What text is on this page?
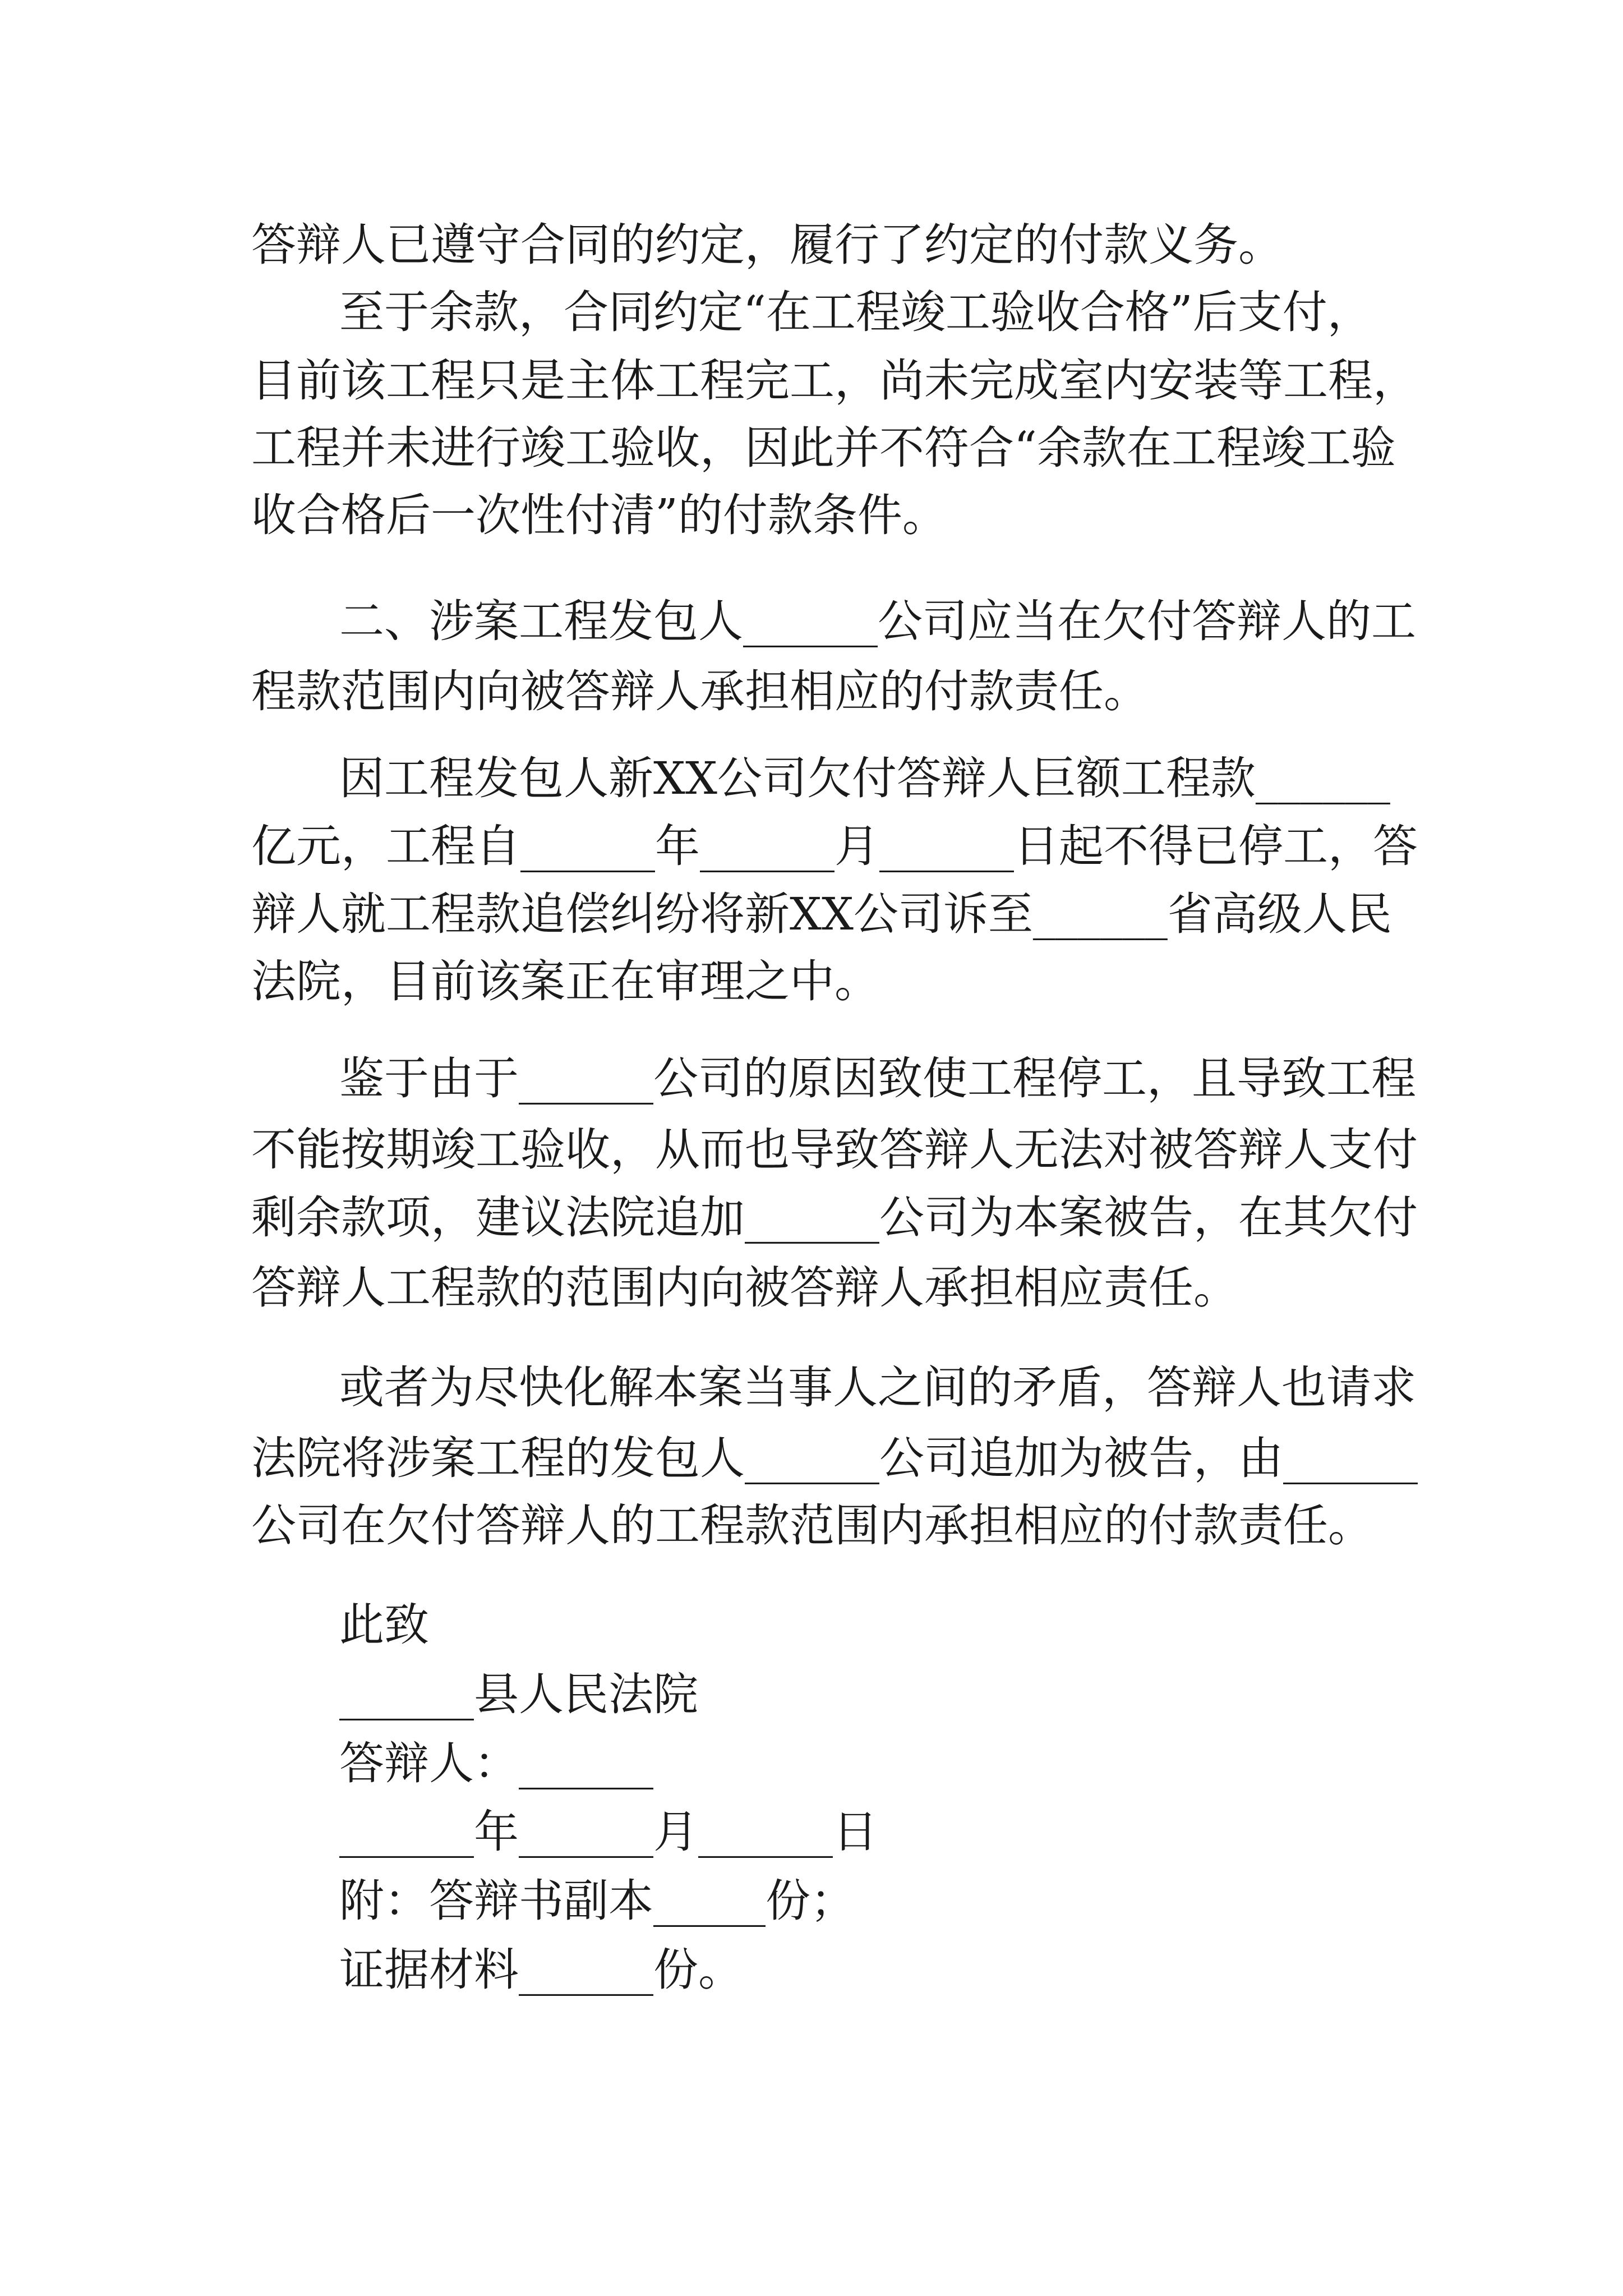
答辩人已遵守合同的约定，履行了约定的付款义务。
至于余款，合同约定“在工程竣工验收合格”后支付，
目前该工程只是主体工程完工，尚未完成室内安装等工程，
工程并未进行竣工验收，因此并不符合“余款在工程竣工验
收合格后一次性付清”的付款条件。
二、涉案工程发包人______公司应当在欠付答辩人的工
程款范围内向被答辩人承担相应的付款责任。
因工程发包人新XX公司欠付答辩人巨额工程款______
亿元，工程自______年______月______日起不得已停工，答
辩人就工程款追偿纠纷将新XX公司诉至______省高级人民
法院，目前该案正在审理之中。
鉴于由于______公司的原因致使工程停工，且导致工程
不能按期竣工验收，从而也导致答辩人无法对被答辩人支付
剩余款项，建议法院追加______公司为本案被告，在其欠付
答辩人工程款的范围内向被答辩人承担相应责任。
或者为尽快化解本案当事人之间的矛盾，答辩人也请求
法院将涉案工程的发包人______公司追加为被告，由______
公司在欠付答辩人的工程款范围内承担相应的付款责任。
此致
______县人民法院
答辩人：______
______年______月______日
附：答辩书副本_____份；
证据材料______份。
